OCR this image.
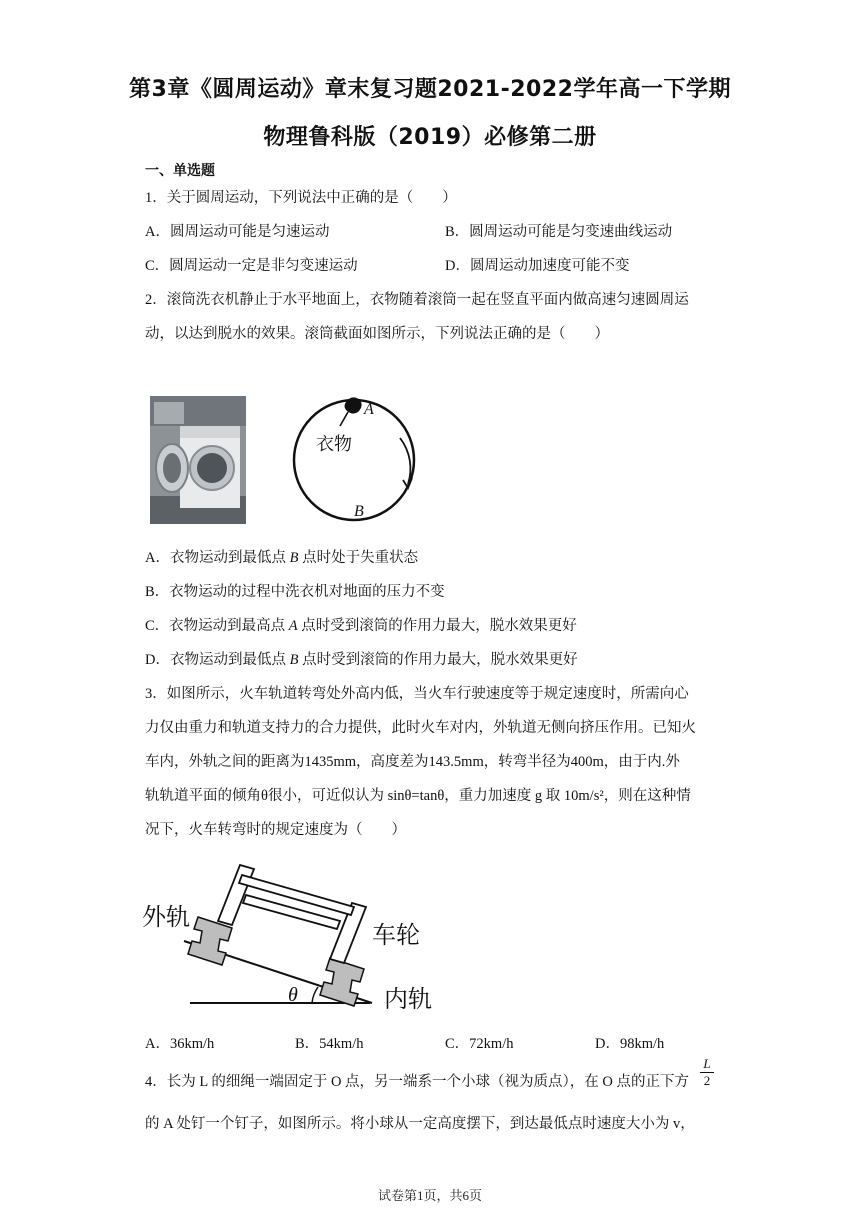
第3章《圆周运动》章末复习题2021-2022学年高一下学期
物理鲁科版（2019）必修第二册
一、单选题
1．关于圆周运动，下列说法中正确的是（　　）
A．圆周运动可能是匀速运动	B．圆周运动可能是匀变速曲线运动
C．圆周运动一定是非匀变速运动	D．圆周运动加速度可能不变
2．滚筒洗衣机静止于水平地面上，衣物随着滚筒一起在竖直平面内做高速匀速圆周运
动，以达到脱水的效果。滚筒截面如图所示，下列说法正确的是（　　）
A
衣物
B
A．衣物运动到最低点 B 点时处于失重状态
B．衣物运动的过程中洗衣机对地面的压力不变
C．衣物运动到最高点 A 点时受到滚筒的作用力最大，脱水效果更好
D．衣物运动到最低点 B 点时受到滚筒的作用力最大，脱水效果更好
3．如图所示，火车轨道转弯处外高内低，当火车行驶速度等于规定速度时，所需向心
力仅由重力和轨道支持力的合力提供，此时火车对内，外轨道无侧向挤压作用。已知火
车内，外轨之间的距离为1435mm，高度差为143.5mm，转弯半径为400m，由于内.外
轨轨道平面的倾角θ很小，可近似认为 sinθ=tanθ，重力加速度 g 取 10m/s²，则在这种情
况下，火车转弯时的规定速度为（　　）
θ
外轨
车轮
内轨
A．36km/h	B．54km/h	C．72km/h	D．98km/h
4．长为 L 的细绳一端固定于 O 点，另一端系一个小球（视为质点），在 O 点的正下方 $\frac{L}{2}$
的 A 处钉一个钉子，如图所示。将小球从一定高度摆下，到达最低点时速度大小为 v，
试卷第1页，共6页
